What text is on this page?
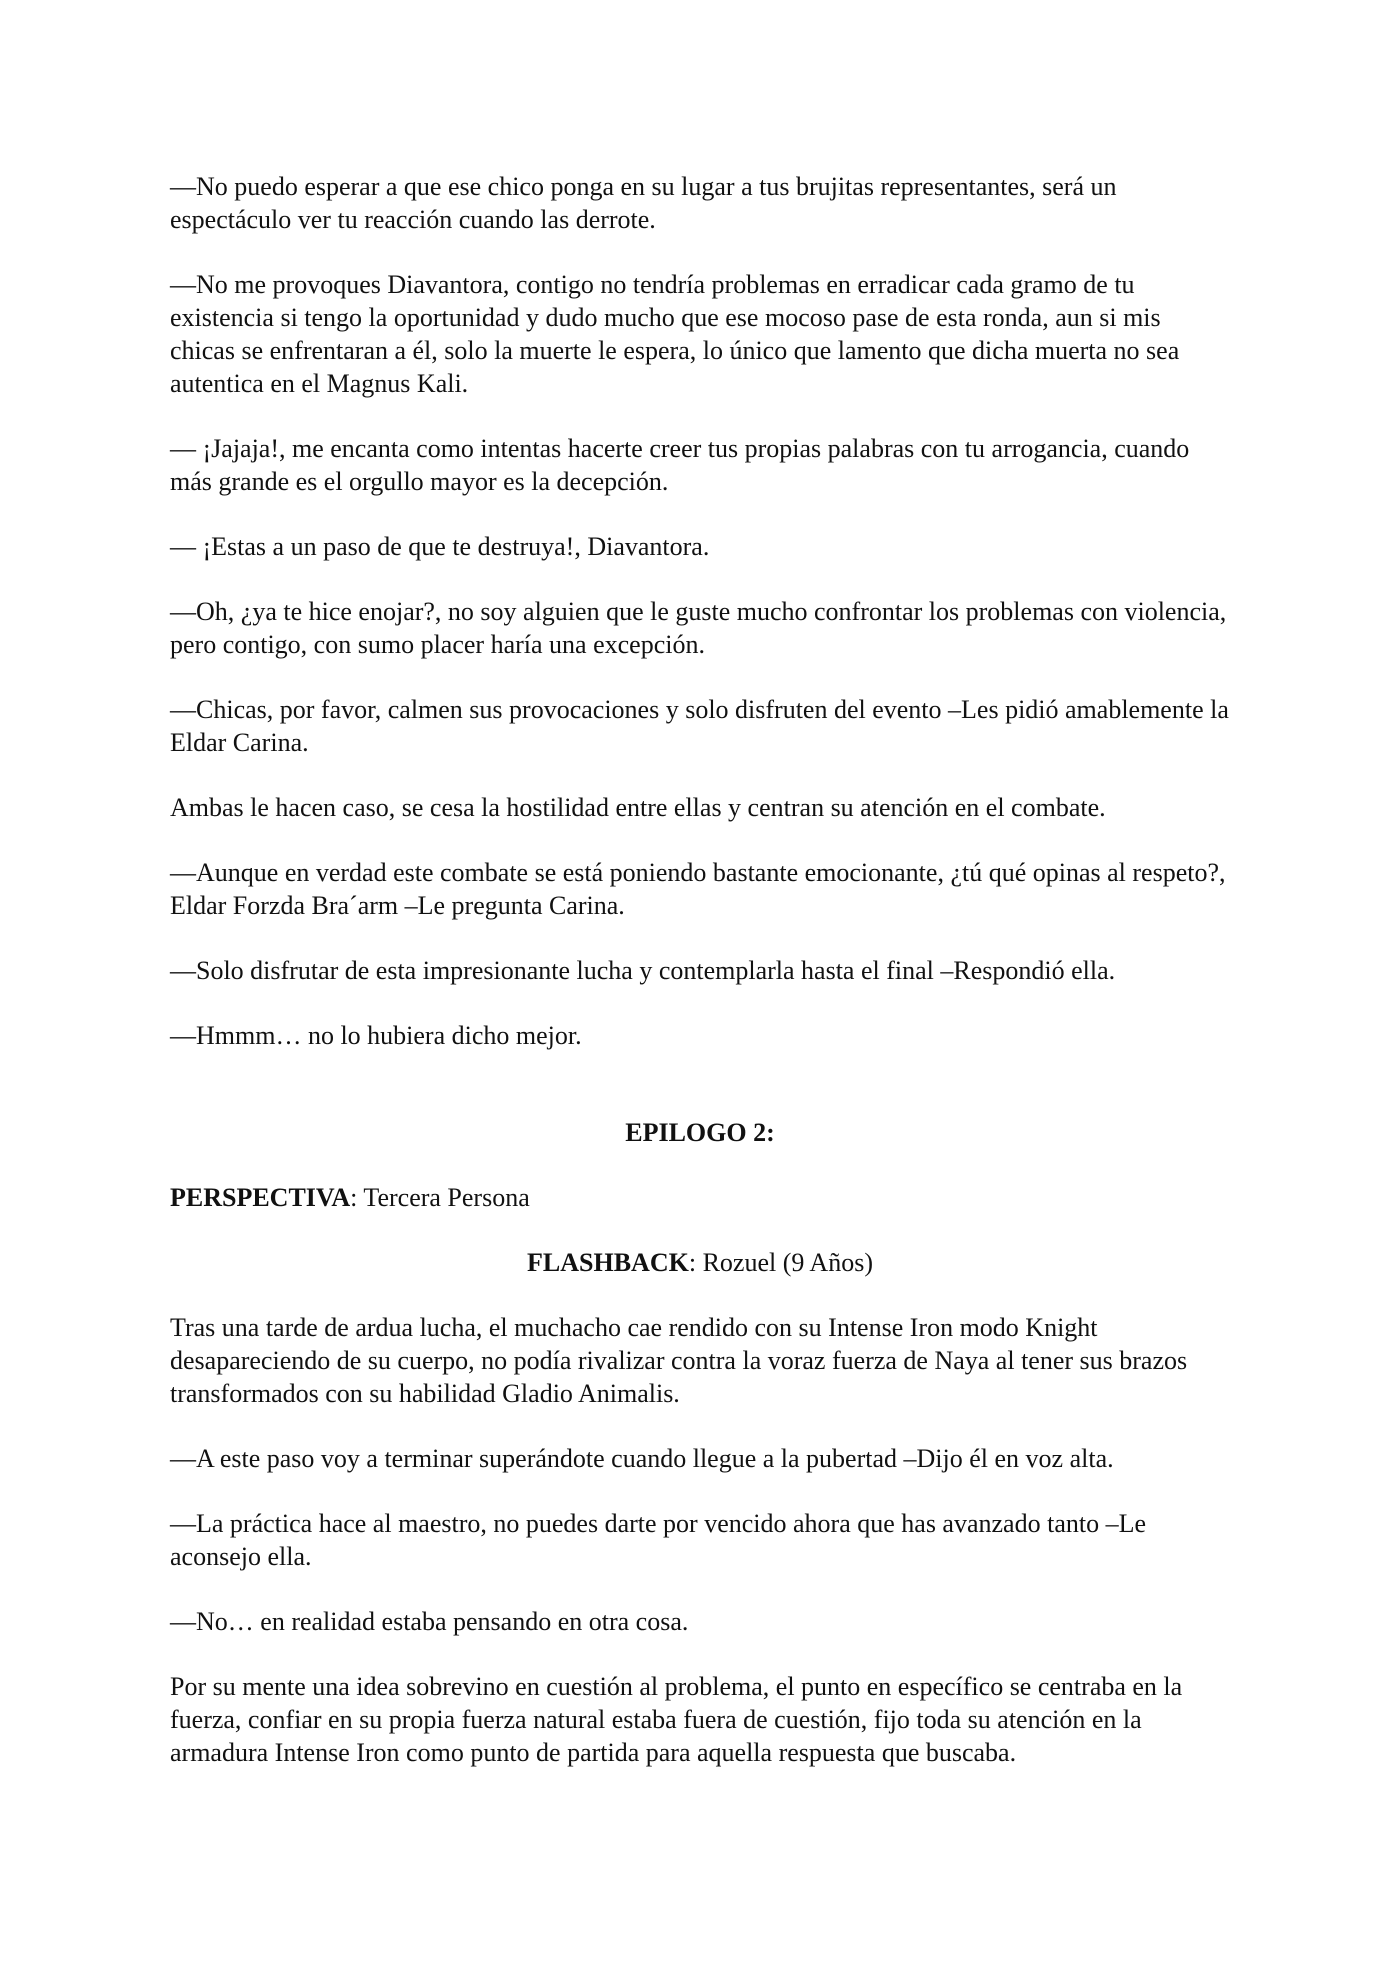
—No puedo esperar a que ese chico ponga en su lugar a tus brujitas representantes, será un espectáculo ver tu reacción cuando las derrote.

—No me provoques Diavantora, contigo no tendría problemas en erradicar cada gramo de tu existencia si tengo la oportunidad y dudo mucho que ese mocoso pase de esta ronda, aun si mis chicas se enfrentaran a él, solo la muerte le espera, lo único que lamento que dicha muerta no sea autentica en el Magnus Kali.

— ¡Jajaja!, me encanta como intentas hacerte creer tus propias palabras con tu arrogancia, cuando más grande es el orgullo mayor es la decepción.

— ¡Estas a un paso de que te destruya!, Diavantora.

—Oh, ¿ya te hice enojar?, no soy alguien que le guste mucho confrontar los problemas con violencia, pero contigo, con sumo placer haría una excepción.

—Chicas, por favor, calmen sus provocaciones y solo disfruten del evento –Les pidió amablemente la Eldar Carina.

Ambas le hacen caso, se cesa la hostilidad entre ellas y centran su atención en el combate.

—Aunque en verdad este combate se está poniendo bastante emocionante, ¿tú qué opinas al respeto?, Eldar Forzda Bra´arm –Le pregunta Carina.

—Solo disfrutar de esta impresionante lucha y contemplarla hasta el final –Respondió ella.

—Hmmm… no lo hubiera dicho mejor.

EPILOGO 2:

PERSPECTIVA: Tercera Persona

FLASHBACK: Rozuel (9 Años)

Tras una tarde de ardua lucha, el muchacho cae rendido con su Intense Iron modo Knight desapareciendo de su cuerpo, no podía rivalizar contra la voraz fuerza de Naya al tener sus brazos transformados con su habilidad Gladio Animalis.

—A este paso voy a terminar superándote cuando llegue a la pubertad –Dijo él en voz alta.

—La práctica hace al maestro, no puedes darte por vencido ahora que has avanzado tanto –Le aconsejo ella.

—No… en realidad estaba pensando en otra cosa.

Por su mente una idea sobrevino en cuestión al problema, el punto en específico se centraba en la fuerza, confiar en su propia fuerza natural estaba fuera de cuestión, fijo toda su atención en la armadura Intense Iron como punto de partida para aquella respuesta que buscaba.
